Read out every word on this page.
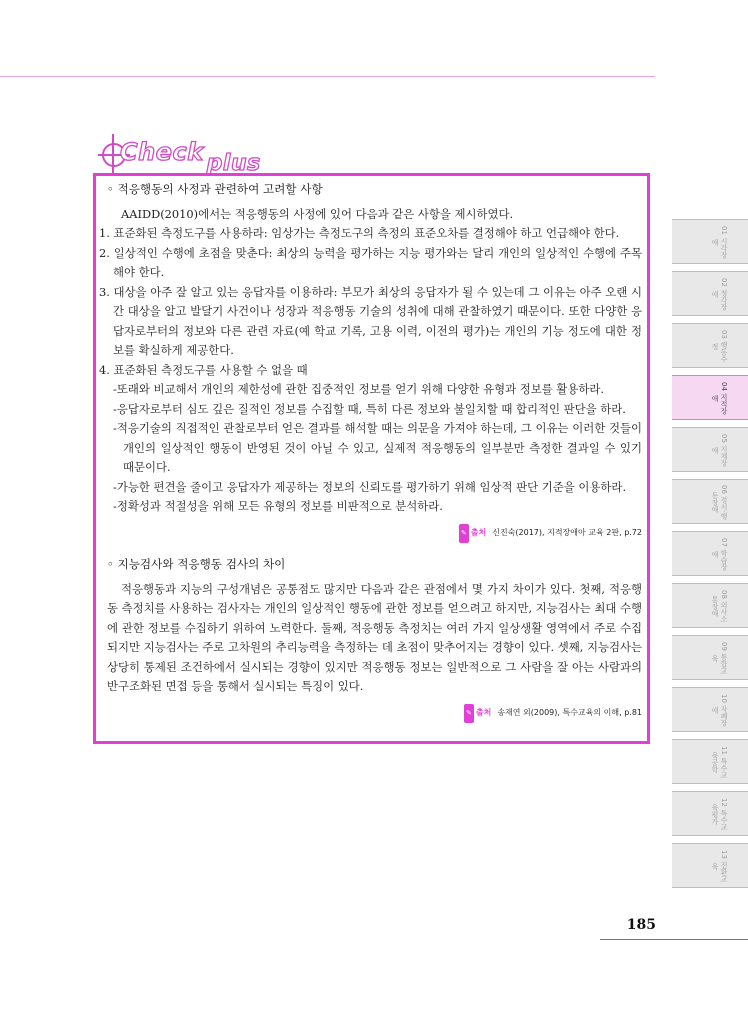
Check plus

◦ 적응행동의 사정과 관련하여 고려할 사항

AAIDD(2010)에서는 적응행동의 사정에 있어 다음과 같은 사항을 제시하였다.

1. 표준화된 측정도구를 사용하라: 임상가는 측정도구의 측정의 표준오차를 결정해야 하고 언급해야 한다.

2. 일상적인 수행에 초점을 맞춘다: 최상의 능력을 평가하는 지능 평가와는 달리 개인의 일상적인 수행에 주목해야 한다.

3. 대상을 아주 잘 알고 있는 응답자를 이용하라: 부모가 최상의 응답자가 될 수 있는데 그 이유는 아주 오랜 시간 대상을 알고 발달기 사건이나 성장과 적응행동 기술의 성취에 대해 관찰하였기 때문이다. 또한 다양한 응답자로부터의 정보와 다른 관련 자료(예 학교 기록, 고용 이력, 이전의 평가)는 개인의 기능 정도에 대한 정보를 확실하게 제공한다.

4. 표준화된 측정도구를 사용할 수 없을 때

-또래와 비교해서 개인의 제한성에 관한 집중적인 정보를 얻기 위해 다양한 유형과 정보를 활용하라.

-응답자로부터 심도 깊은 질적인 정보를 수집할 때, 특히 다른 정보와 불일치할 때 합리적인 판단을 하라.

-적응기술의 직접적인 관찰로부터 얻은 결과를 해석할 때는 의문을 가져야 하는데, 그 이유는 이러한 것들이 개인의 일상적인 행동이 반영된 것이 아닐 수 있고, 실제적 적응행동의 일부분만 측정한 결과일 수 있기 때문이다.

-가능한 편견을 줄이고 응답자가 제공하는 정보의 신뢰도를 평가하기 위해 임상적 판단 기준을 이용하라.

-정확성과 적절성을 위해 모든 유형의 정보를 비판적으로 분석하라.

✎ 출처 신진숙(2017), 지적장애아 교육 2판, p.72

◦ 지능검사와 적응행동 검사의 차이

적응행동과 지능의 구성개념은 공통점도 많지만 다음과 같은 관점에서 몇 가지 차이가 있다. 첫째, 적응행동 측정치를 사용하는 검사자는 개인의 일상적인 행동에 관한 정보를 얻으려고 하지만, 지능검사는 최대 수행에 관한 정보를 수집하기 위하여 노력한다. 둘째, 적응행동 측정치는 여러 가지 일상생활 영역에서 주로 수집되지만 지능검사는 주로 고차원의 추리능력을 측정하는 데 초점이 맞추어지는 경향이 있다. 셋째, 지능검사는 상당히 통제된 조건하에서 실시되는 경향이 있지만 적응행동 정보는 일반적으로 그 사람을 잘 아는 사람과의 반구조화된 면접 등을 통해서 실시되는 특징이 있다.

✎ 출처 송재연 외(2009), 특수교육의 이해, p.81

01 시각장애
02 청각장애
03 행동수정
04 지적장애
05 지체장애
06 정서·행동장애
07 학습장애
08 의사소통장애
09 통합교육
10 자폐장애
11 특수교육공학
12 특수교육평가
13 전환교육
185
